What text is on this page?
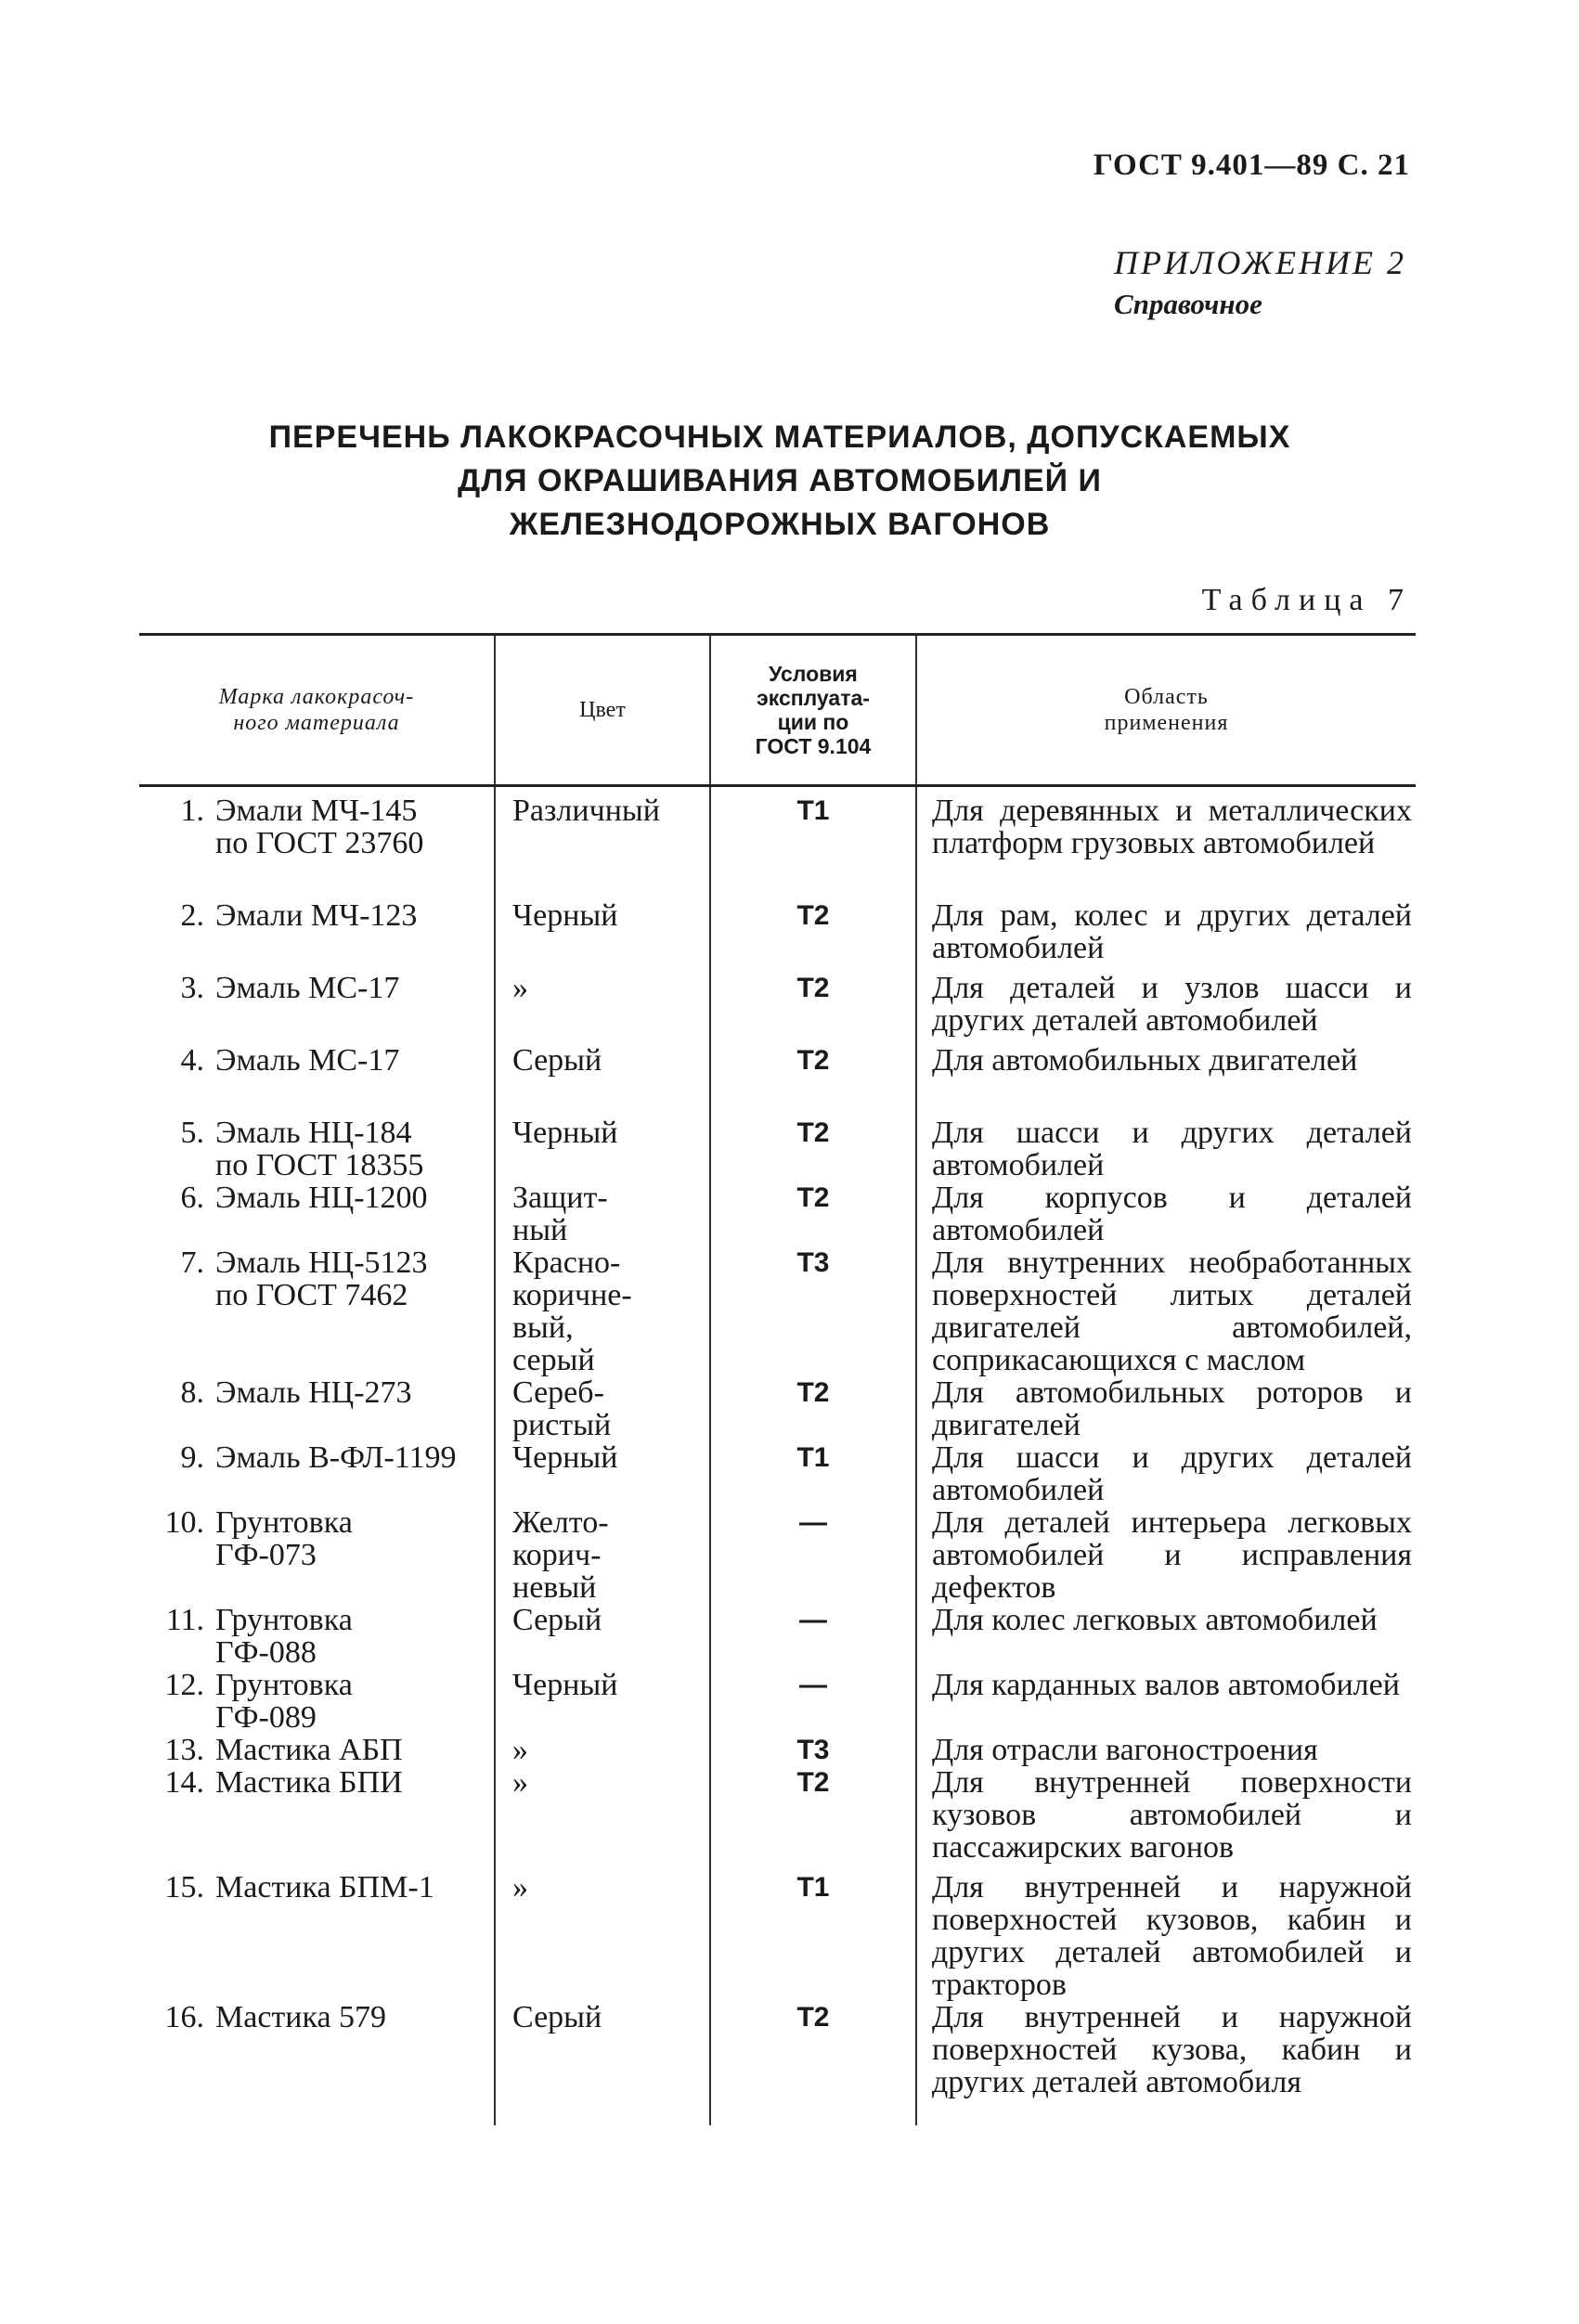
ГОСТ 9.401—89 С. 21
ПРИЛОЖЕНИЕ 2
Справочное
ПЕРЕЧЕНЬ ЛАКОКРАСОЧНЫХ МАТЕРИАЛОВ, ДОПУСКАЕМЫХ
ДЛЯ ОКРАШИВАНИЯ АВТОМОБИЛЕЙ И
ЖЕЛЕЗНОДОРОЖНЫХ ВАГОНОВ
Таблица 7
Марка лакокрасоч-
ного материала
Цвет
Условия
эксплуата-
ции по
ГОСТ 9.104
Область
применения
1. Эмали МЧ-145
по ГОСТ 23760
2. Эмали МЧ-123
3. Эмаль МС-17
4. Эмаль МС-17
5. Эмаль НЦ-184
по ГОСТ 18355
6. Эмаль НЦ-1200
7. Эмаль НЦ-5123
по ГОСТ 7462
8. Эмаль НЦ-273
9. Эмаль В-ФЛ-1199
10. Грунтовка
ГФ-073
11. Грунтовка
ГФ-088
12. Грунтовка
ГФ-089
13. Мастика АБП
14. Мастика БПИ
15. Мастика БПМ-1
16. Мастика 579
Различный
Черный
»
Серый
Черный
Защит-
ный
Красно-
коричне-
вый,
серый
Сереб-
ристый
Черный
Желто-
корич-
невый
Серый
Черный
»
»
»
Серый
Т1
Т2
Т2
Т2
Т2
Т2
Т3
Т2
Т1
—
—
—
Т3
Т2
Т1
Т2
Для деревянных и металлических платформ грузовых автомобилей
Для рам, колес и других деталей автомобилей
Для деталей и узлов шасси и других деталей автомобилей
Для автомобильных двигателей
Для шасси и других деталей автомобилей
Для корпусов и деталей автомобилей
Для внутренних необработанных поверхностей литых деталей двигателей автомобилей, соприкасающихся с маслом
Для автомобильных роторов и двигателей
Для шасси и других деталей автомобилей
Для деталей интерьера легковых автомобилей и исправления дефектов
Для колес легковых автомобилей
Для карданных валов автомобилей
Для отрасли вагоностроения
Для внутренней поверхности кузовов автомобилей и пассажирских вагонов
Для внутренней и наружной поверхностей кузовов, кабин и других деталей автомобилей и тракторов
Для внутренней и наружной поверхностей кузова, кабин и других деталей автомобиля
